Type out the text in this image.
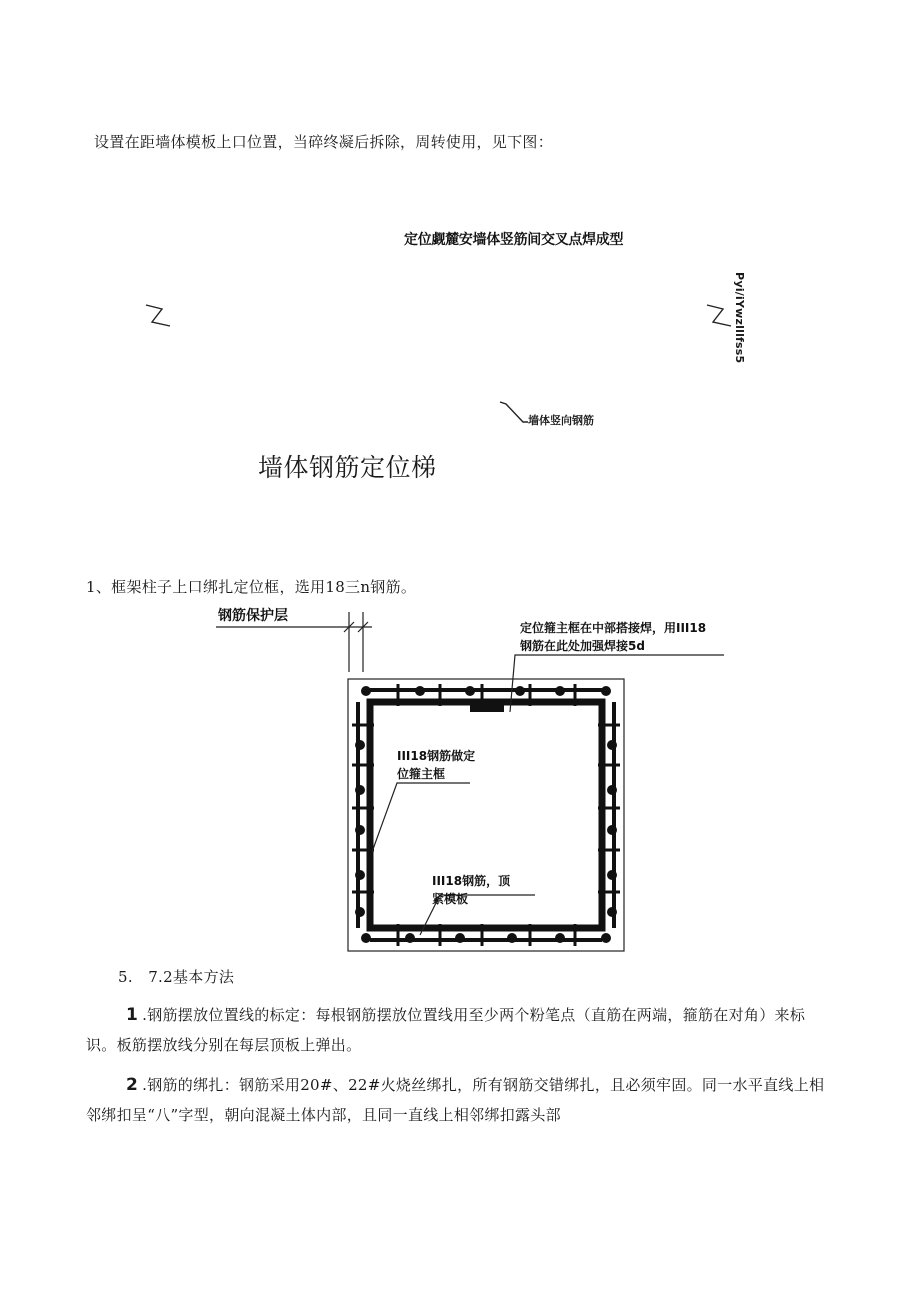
设置在距墙体模板上口位置，当碎终凝后拆除，周转使用，见下图：
定位觑麓安墙体竖筋间交叉点焊成型
Pyi/iYwzlllfss5
墙体竖向钢筋
墙体钢筋定位梯
1、框架柱子上口绑扎定位框，选用18三n钢筋。
钢筋保护层
定位箍主框在中部搭接焊，用III18
钢筋在此处加强焊接5d
III18钢筋做定
位箍主框
III18钢筋，顶
紧模板
5.　7.2基本方法
1 .钢筋摆放位置线的标定：每根钢筋摆放位置线用至少两个粉笔点（直筋在两端，箍筋在对角）来标识。板筋摆放线分别在每层顶板上弹出。
2 .钢筋的绑扎：钢筋采用20#、22#火烧丝绑扎，所有钢筋交错绑扎，且必须牢固。同一水平直线上相邻绑扣呈“八”字型，朝向混凝土体内部，且同一直线上相邻绑扣露头部
